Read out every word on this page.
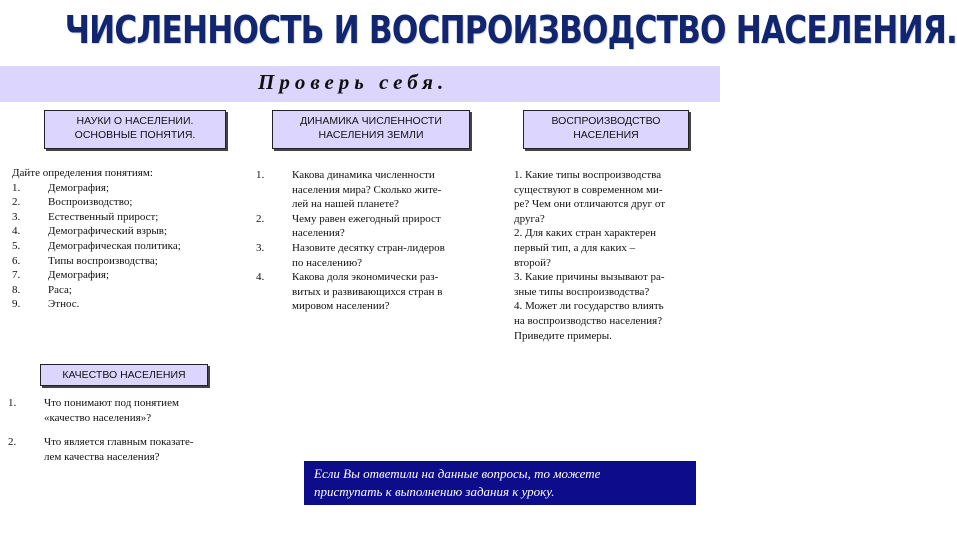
ЧИСЛЕННОСТЬ И ВОСПРОИЗВОДСТВО НАСЕЛЕНИЯ.
Проверь себя.
НАУКИ О НАСЕЛЕНИИ.
ОСНОВНЫЕ ПОНЯТИЯ.
Дайте определения понятиям:
1.	Демография;
2.	Воспроизводство;
3.	Естественный прирост;
4.	Демографический взрыв;
5.	Демографическая политика;
6.	Типы воспроизводства;
7.	Демография;
8.	Раса;
9.	Этнос.
ДИНАМИКА ЧИСЛЕННОСТИ
НАСЕЛЕНИЯ ЗЕМЛИ
1.	Какова динамика численности
населения мира? Сколько жите-
лей на нашей планете?
2.	Чему равен ежегодный прирост
населения?
3.	Назовите десятку стран-лидеров
по населению?
4.	Какова доля экономически раз-
витых и развивающихся стран в
мировом населении?
ВОСПРОИЗВОДСТВО
НАСЕЛЕНИЯ
1. Какие типы воспроизводства
существуют в современном ми-
ре? Чем они отличаются друг от
друга?
2. Для каких стран характерен
первый тип, а для каких –
второй?
3. Какие причины вызывают ра-
зные типы воспроизводства?
4. Может ли государство влиять
на воспроизводство населения?
Приведите примеры.
КАЧЕСТВО НАСЕЛЕНИЯ
1.	Что понимают под понятием
«качество населения»?
2.	Что является главным показате-
лем качества населения?
Если Вы ответили на данные вопросы, то можете
приступать к выполнению задания к уроку.
